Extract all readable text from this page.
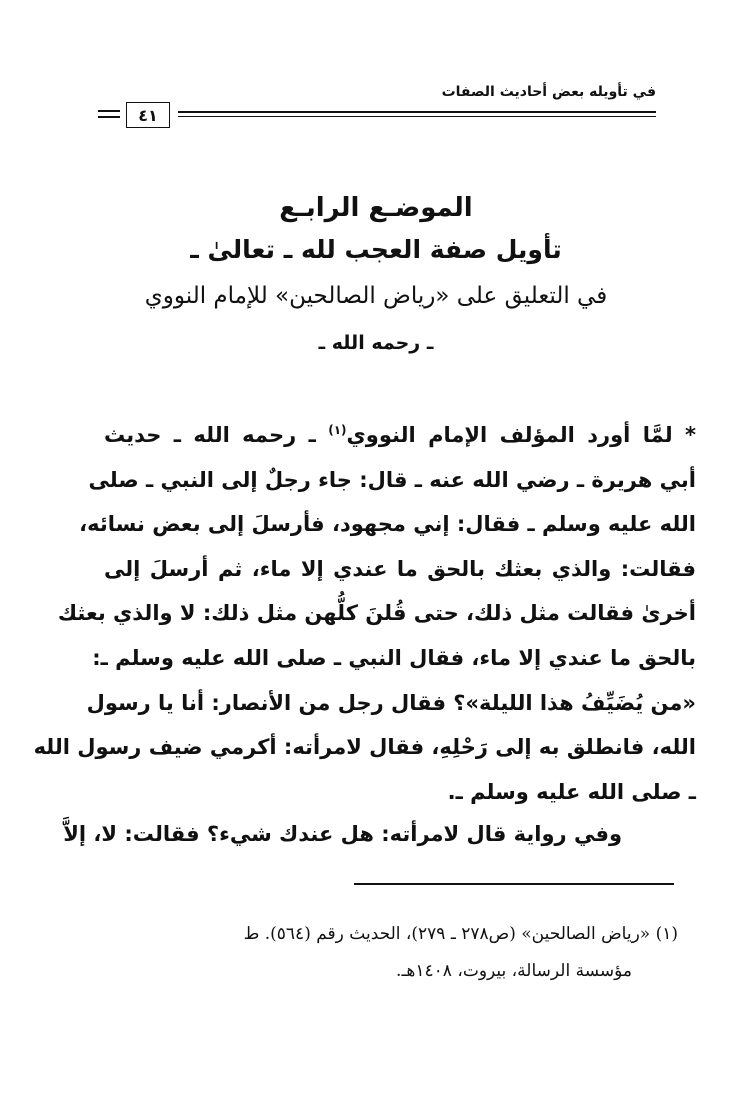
في تأويله بعض أحاديث الصفات
٤١
الموضـع الرابـع
تأويل صفة العجب لله ـ تعالىٰ ـ
في التعليق على «رياض الصالحين» للإمام النووي
ـ رحمه الله ـ
* لمَّا أورد المؤلف الإمام النووي$^{(١)}$ ـ رحمه الله ـ حديث
أبي هريرة ـ رضي الله عنه ـ قال: جاء رجلٌ إلى النبي ـ صلى
الله عليه وسلم ـ فقال: إني مجهود، فأرسلَ إلى بعض نسائه،
فقالت: والذي بعثك بالحق ما عندي إلا ماء، ثم أرسلَ إلى
أخرىٰ فقالت مثل ذلك، حتى قُلنَ كلُّهن مثل ذلك: لا والذي بعثك
بالحق ما عندي إلا ماء، فقال النبي ـ صلى الله عليه وسلم ـ:
«من يُضَيِّفُ هذا الليلة»؟ فقال رجل من الأنصار: أنا يا رسول
الله، فانطلق به إلى رَحْلِهِ، فقال لامرأته: أكرمي ضيف رسول الله
ـ صلى الله عليه وسلم ـ.
وفي رواية قال لامرأته: هل عندك شيء؟ فقالت: لا، إلاَّ
(١) «رياض الصالحين» (ص٢٧٨ ـ ٢٧٩)، الحديث رقم (٥٦٤). ط
مؤسسة الرسالة، بيروت، ١٤٠٨هـ.
